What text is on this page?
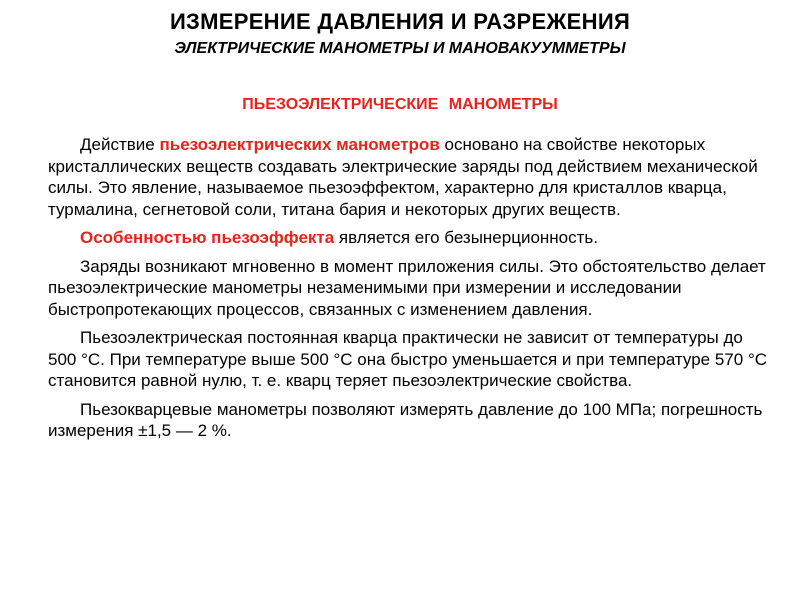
ИЗМЕРЕНИЕ ДАВЛЕНИЯ И РАЗРЕЖЕНИЯ
ЭЛЕКТРИЧЕСКИЕ МАНОМЕТРЫ И МАНОВАКУУММЕТРЫ
ПЬЕЗОЭЛЕКТРИЧЕСКИЕ МАНОМЕТРЫ

Действие пьезоэлектрических манометров основано на свойстве некоторых кристаллических веществ создавать электрические заряды под действием механической силы. Это явление, называемое пьезоэффектом, характерно для кристаллов кварца, турмалина, сегнетовой соли, титана бария и некоторых других веществ.

Особенностью пьезоэффекта является его безынерционность.

Заряды возникают мгновенно в момент приложения силы. Это обстоятельство делает пьезоэлектрические манометры незаменимыми при измерении и исследовании быстропротекающих процессов, связанных с изменением давления.

Пьезоэлектрическая постоянная кварца практически не зависит от температуры до 500 °С. При температуре выше 500 °С она быстро уменьшается и при температуре 570 °С становится равной нулю, т. е. кварц теряет пьезоэлектрические свойства.

Пьезокварцевые манометры позволяют измерять давление до 100 МПа; погрешность измерения ±1,5 — 2 %.
